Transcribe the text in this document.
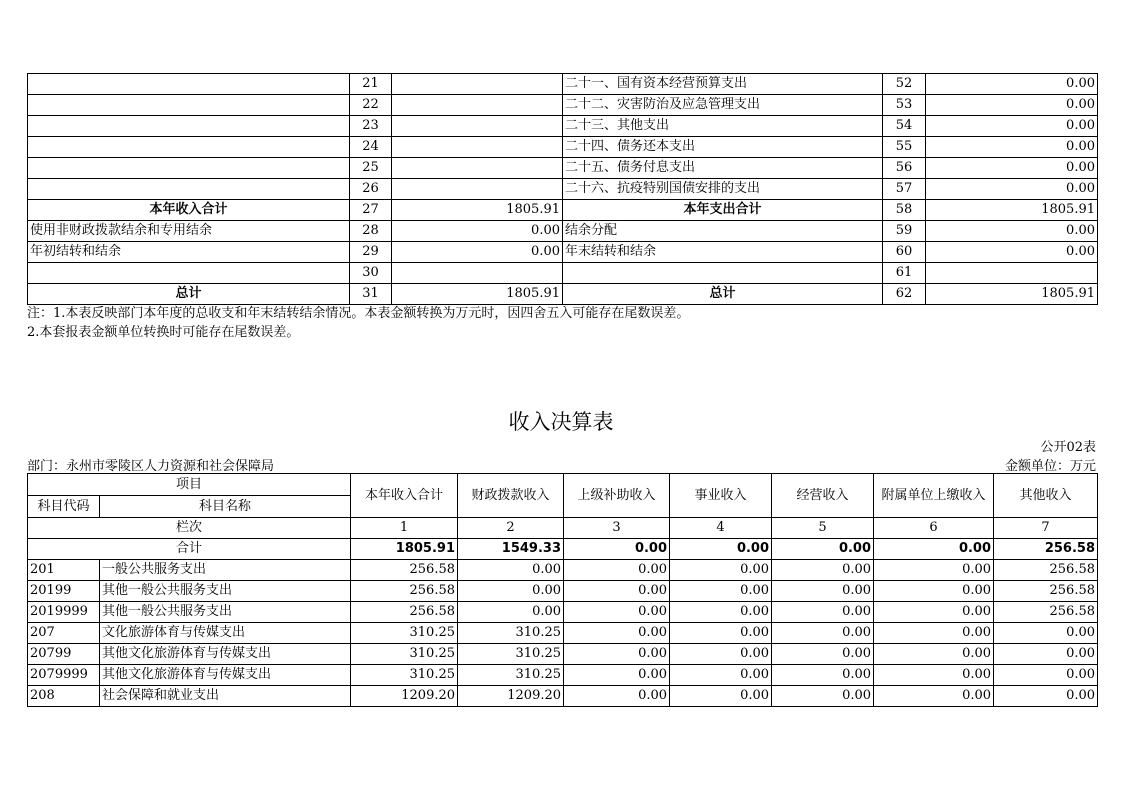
	21		二十一、国有资本经营预算支出	52	0.00
	22		二十二、灾害防治及应急管理支出	53	0.00
	23		二十三、其他支出	54	0.00
	24		二十四、债务还本支出	55	0.00
	25		二十五、债务付息支出	56	0.00
	26		二十六、抗疫特别国债安排的支出	57	0.00
本年收入合计	27	1805.91	本年支出合计	58	1805.91
使用非财政拨款结余和专用结余	28	0.00	结余分配	59	0.00
年初结转和结余	29	0.00	年末结转和结余	60	0.00
	30			61	
总计	31	1805.91	总计	62	1805.91
注：1.本表反映部门本年度的总收支和年末结转结余情况。本表金额转换为万元时，因四舍五入可能存在尾数误差。
2.本套报表金额单位转换时可能存在尾数误差。
收入决算表
公开02表
部门：永州市零陵区人力资源和社会保障局	金额单位：万元
项目		本年收入合计	财政拨款收入	上级补助收入	事业收入	经营收入	附属单位上缴收入	其他收入
科目代码	科目名称							
栏次		1	2	3	4	5	6	7
合计		1805.91	1549.33	0.00	0.00	0.00	0.00	256.58
201	一般公共服务支出	256.58	0.00	0.00	0.00	0.00	0.00	256.58
20199	其他一般公共服务支出	256.58	0.00	0.00	0.00	0.00	0.00	256.58
2019999	其他一般公共服务支出	256.58	0.00	0.00	0.00	0.00	0.00	256.58
207	文化旅游体育与传媒支出	310.25	310.25	0.00	0.00	0.00	0.00	0.00
20799	其他文化旅游体育与传媒支出	310.25	310.25	0.00	0.00	0.00	0.00	0.00
2079999	其他文化旅游体育与传媒支出	310.25	310.25	0.00	0.00	0.00	0.00	0.00
208	社会保障和就业支出	1209.20	1209.20	0.00	0.00	0.00	0.00	0.00
